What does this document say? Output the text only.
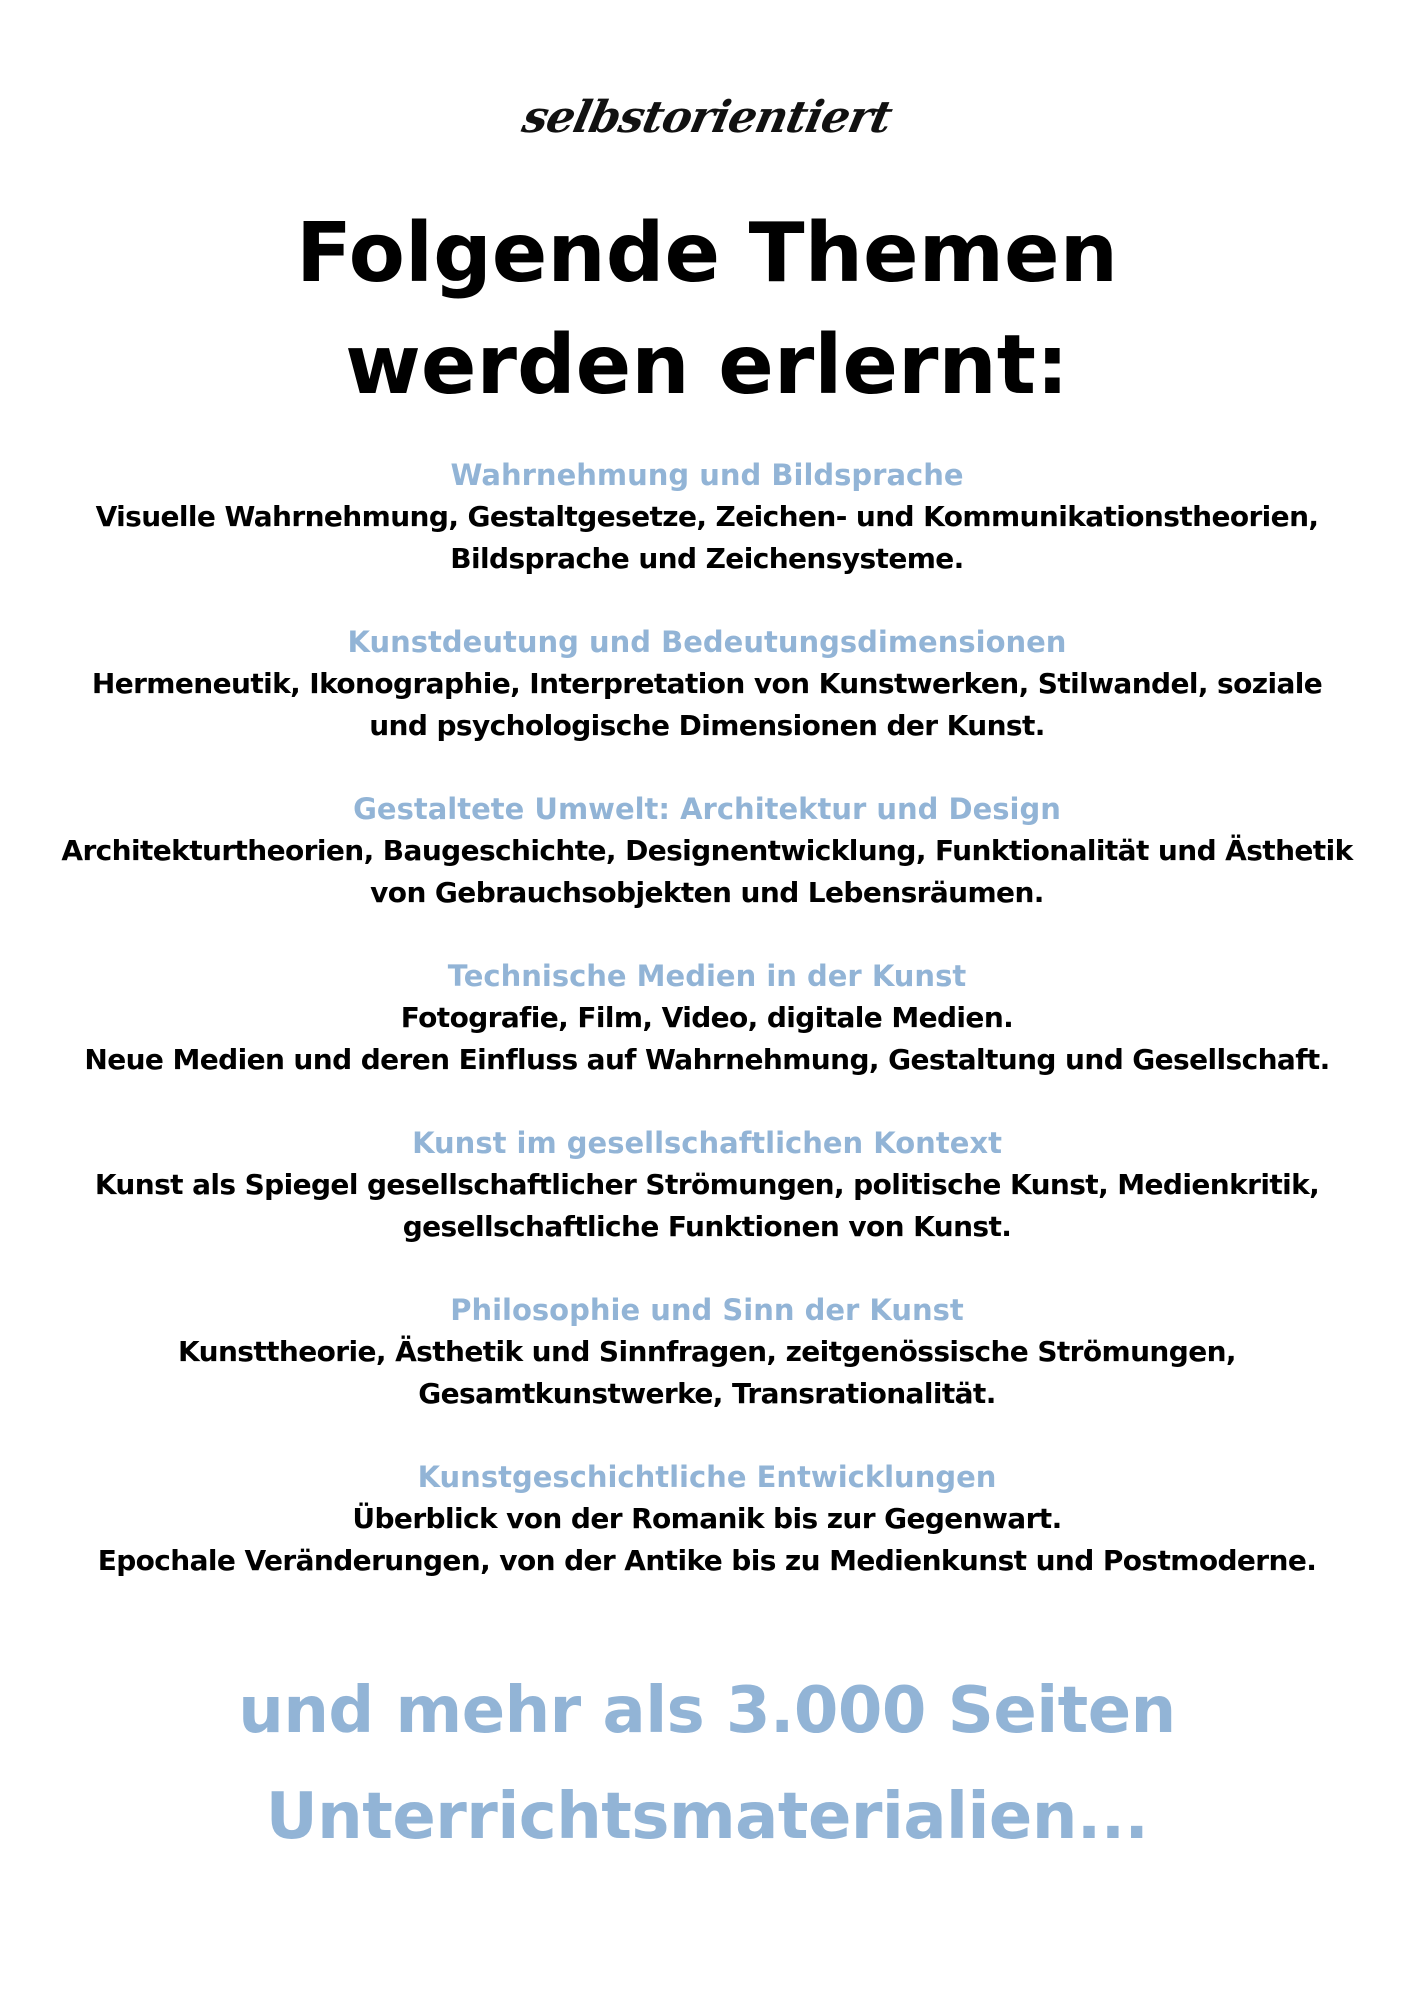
selbstorientiert
Folgende Themen
werden erlernt:
Wahrnehmung und Bildsprache
Visuelle Wahrnehmung, Gestaltgesetze, Zeichen- und Kommunikationstheorien,
Bildsprache und Zeichensysteme.
Kunstdeutung und Bedeutungsdimensionen
Hermeneutik, Ikonographie, Interpretation von Kunstwerken, Stilwandel, soziale
und psychologische Dimensionen der Kunst.
Gestaltete Umwelt: Architektur und Design
Architekturtheorien, Baugeschichte, Designentwicklung, Funktionalität und Ästhetik
von Gebrauchsobjekten und Lebensräumen.
Technische Medien in der Kunst
Fotografie, Film, Video, digitale Medien.
Neue Medien und deren Einfluss auf Wahrnehmung, Gestaltung und Gesellschaft.
Kunst im gesellschaftlichen Kontext
Kunst als Spiegel gesellschaftlicher Strömungen, politische Kunst, Medienkritik,
gesellschaftliche Funktionen von Kunst.
Philosophie und Sinn der Kunst
Kunsttheorie, Ästhetik und Sinnfragen, zeitgenössische Strömungen,
Gesamtkunstwerke, Transrationalität.
Kunstgeschichtliche Entwicklungen
Überblick von der Romanik bis zur Gegenwart.
Epochale Veränderungen, von der Antike bis zu Medienkunst und Postmoderne.
und mehr als 3.000 Seiten
Unterrichtsmaterialien...
